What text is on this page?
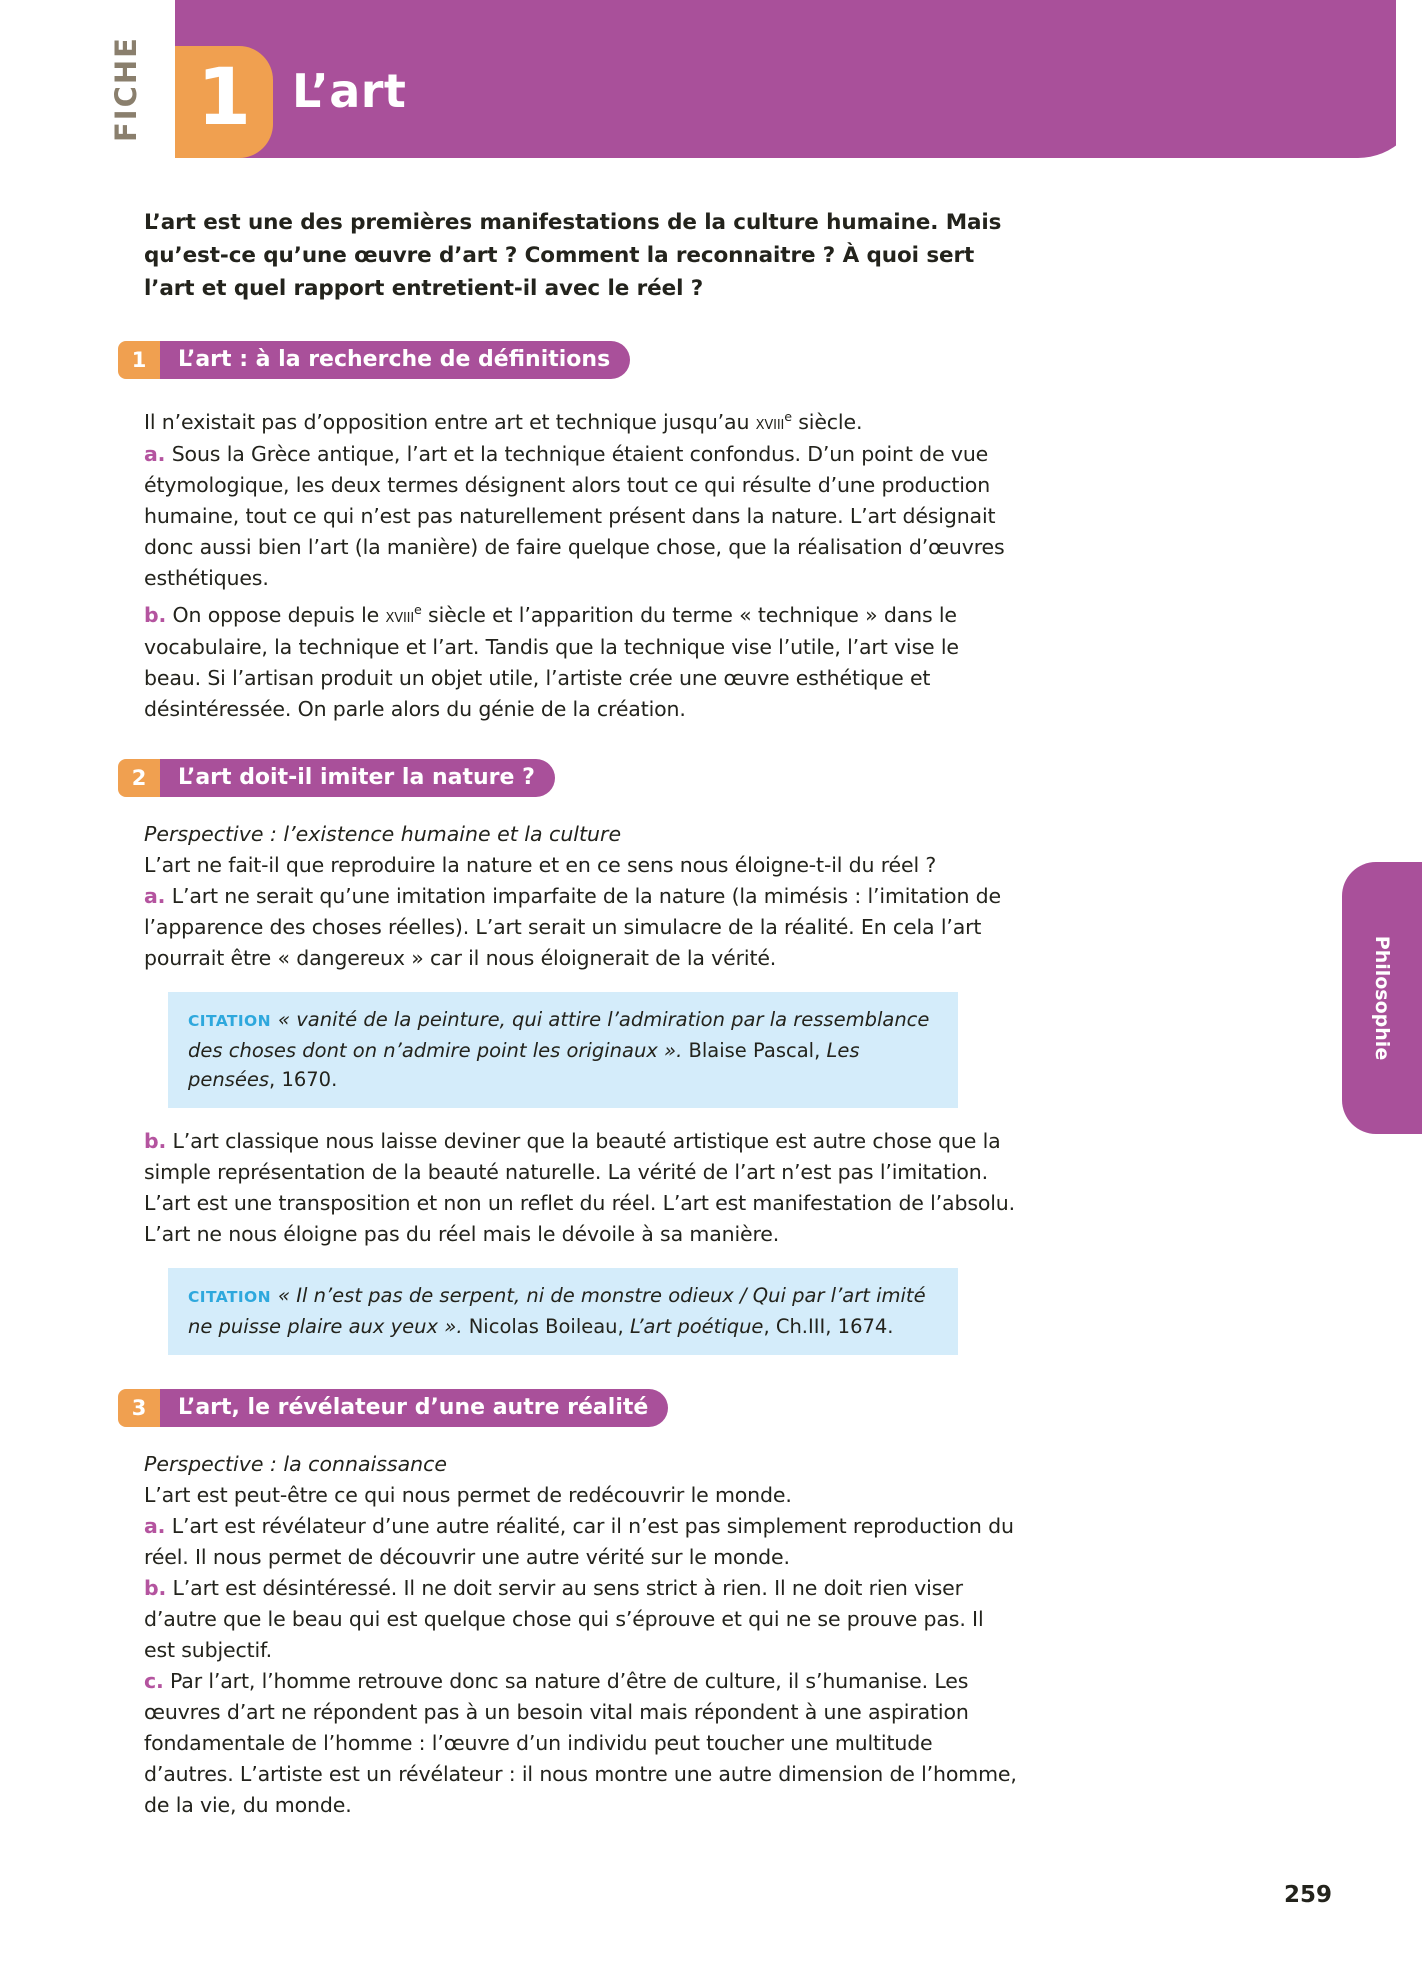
FICHE 1 L’art
Philosophie

L’art est une des premières manifestations de la culture humaine. Mais qu’est-ce qu’une œuvre d’art ? Comment la reconnaitre ? À quoi sert l’art et quel rapport entretient-il avec le réel ?

1	L’art : à la recherche de définitions

Il n’existait pas d’opposition entre art et technique jusqu’au xviii$^e$ siècle.

a. Sous la Grèce antique, l’art et la technique étaient confondus. D’un point de vue étymologique, les deux termes désignent alors tout ce qui résulte d’une production humaine, tout ce qui n’est pas naturellement présent dans la nature. L’art désignait donc aussi bien l’art (la manière) de faire quelque chose, que la réalisation d’œuvres esthétiques.

b. On oppose depuis le xviii$^e$ siècle et l’apparition du terme « technique » dans le vocabulaire, la technique et l’art. Tandis que la technique vise l’utile, l’art vise le beau. Si l’artisan produit un objet utile, l’artiste crée une œuvre esthétique et désintéressée. On parle alors du génie de la création.

2	L’art doit-il imiter la nature ?

Perspective : l’existence humaine et la culture

L’art ne fait-il que reproduire la nature et en ce sens nous éloigne-t-il du réel ?

a. L’art ne serait qu’une imitation imparfaite de la nature (la mimésis : l’imitation de l’apparence des choses réelles). L’art serait un simulacre de la réalité. En cela l’art pourrait être « dangereux » car il nous éloignerait de la vérité.

CITATION « vanité de la peinture, qui attire l’admiration par la ressemblance des choses dont on n’admire point les originaux ». Blaise Pascal, Les pensées, 1670.

b. L’art classique nous laisse deviner que la beauté artistique est autre chose que la simple représentation de la beauté naturelle. La vérité de l’art n’est pas l’imitation. L’art est une transposition et non un reflet du réel. L’art est manifestation de l’absolu. L’art ne nous éloigne pas du réel mais le dévoile à sa manière.

CITATION « Il n’est pas de serpent, ni de monstre odieux / Qui par l’art imité ne puisse plaire aux yeux ». Nicolas Boileau, L’art poétique, Ch.III, 1674.

3	L’art, le révélateur d’une autre réalité

Perspective : la connaissance

L’art est peut-être ce qui nous permet de redécouvrir le monde.

a. L’art est révélateur d’une autre réalité, car il n’est pas simplement reproduction du réel. Il nous permet de découvrir une autre vérité sur le monde.

b. L’art est désintéressé. Il ne doit servir au sens strict à rien. Il ne doit rien viser d’autre que le beau qui est quelque chose qui s’éprouve et qui ne se prouve pas. Il est subjectif.

c. Par l’art, l’homme retrouve donc sa nature d’être de culture, il s’humanise. Les œuvres d’art ne répondent pas à un besoin vital mais répondent à une aspiration fondamentale de l’homme : l’œuvre d’un individu peut toucher une multitude d’autres. L’artiste est un révélateur : il nous montre une autre dimension de l’homme, de la vie, du monde.

259
